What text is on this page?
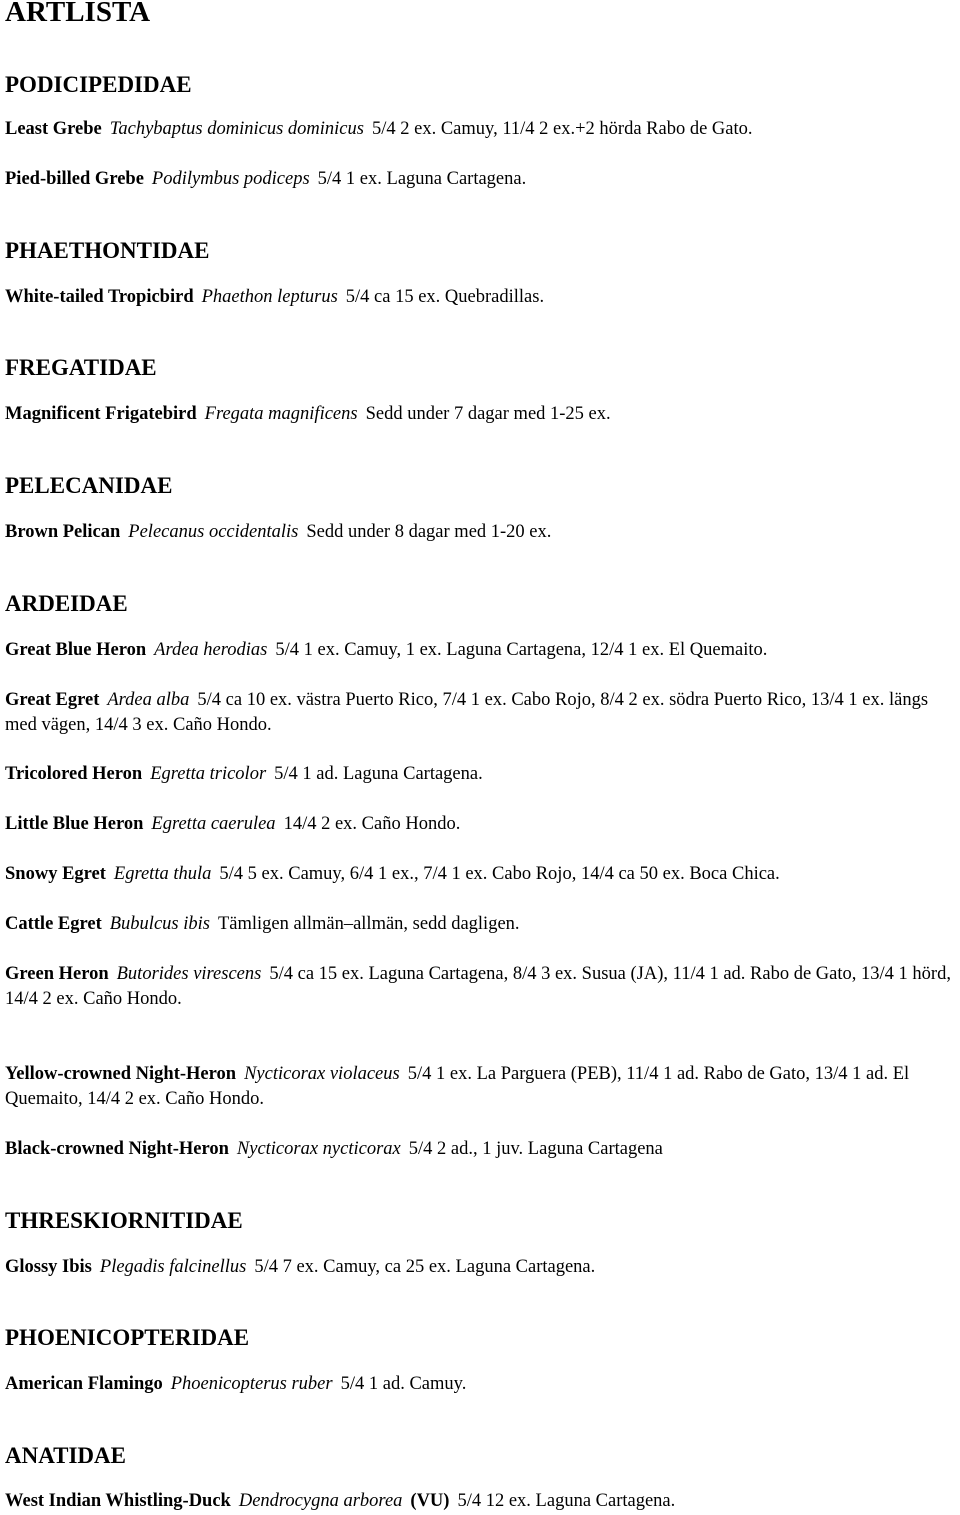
ARTLISTA
PODICIPEDIDAE

Least Grebe Tachybaptus dominicus dominicus 5/4 2 ex. Camuy, 11/4 2 ex.+2 hörda Rabo de Gato.

Pied-billed Grebe Podilymbus podiceps 5/4 1 ex. Laguna Cartagena.

PHAETHONTIDAE

White-tailed Tropicbird Phaethon lepturus 5/4 ca 15 ex. Quebradillas.

FREGATIDAE

Magnificent Frigatebird Fregata magnificens Sedd under 7 dagar med 1-25 ex.

PELECANIDAE

Brown Pelican Pelecanus occidentalis Sedd under 8 dagar med 1-20 ex.

ARDEIDAE

Great Blue Heron Ardea herodias 5/4 1 ex. Camuy, 1 ex. Laguna Cartagena, 12/4 1 ex. El Quemaito.

Great Egret Ardea alba 5/4 ca 10 ex. västra Puerto Rico, 7/4 1 ex. Cabo Rojo, 8/4 2 ex. södra Puerto Rico, 13/4 1 ex. längs med vägen, 14/4 3 ex. Caño Hondo.

Tricolored Heron Egretta tricolor 5/4 1 ad. Laguna Cartagena.

Little Blue Heron Egretta caerulea 14/4 2 ex. Caño Hondo.

Snowy Egret Egretta thula 5/4 5 ex. Camuy, 6/4 1 ex., 7/4 1 ex. Cabo Rojo, 14/4 ca 50 ex. Boca Chica.

Cattle Egret Bubulcus ibis Tämligen allmän–allmän, sedd dagligen.

Green Heron Butorides virescens 5/4 ca 15 ex. Laguna Cartagena, 8/4 3 ex. Susua (JA), 11/4 1 ad. Rabo de Gato, 13/4 1 hörd, 14/4 2 ex. Caño Hondo.

Yellow-crowned Night-Heron Nycticorax violaceus 5/4 1 ex. La Parguera (PEB), 11/4 1 ad. Rabo de Gato, 13/4 1 ad. El Quemaito, 14/4 2 ex. Caño Hondo.

Black-crowned Night-Heron Nycticorax nycticorax 5/4 2 ad., 1 juv. Laguna Cartagena

THRESKIORNITIDAE

Glossy Ibis Plegadis falcinellus 5/4 7 ex. Camuy, ca 25 ex. Laguna Cartagena.

PHOENICOPTERIDAE

American Flamingo Phoenicopterus ruber 5/4 1 ad. Camuy.

ANATIDAE

West Indian Whistling-Duck Dendrocygna arborea (VU) 5/4 12 ex. Laguna Cartagena.
